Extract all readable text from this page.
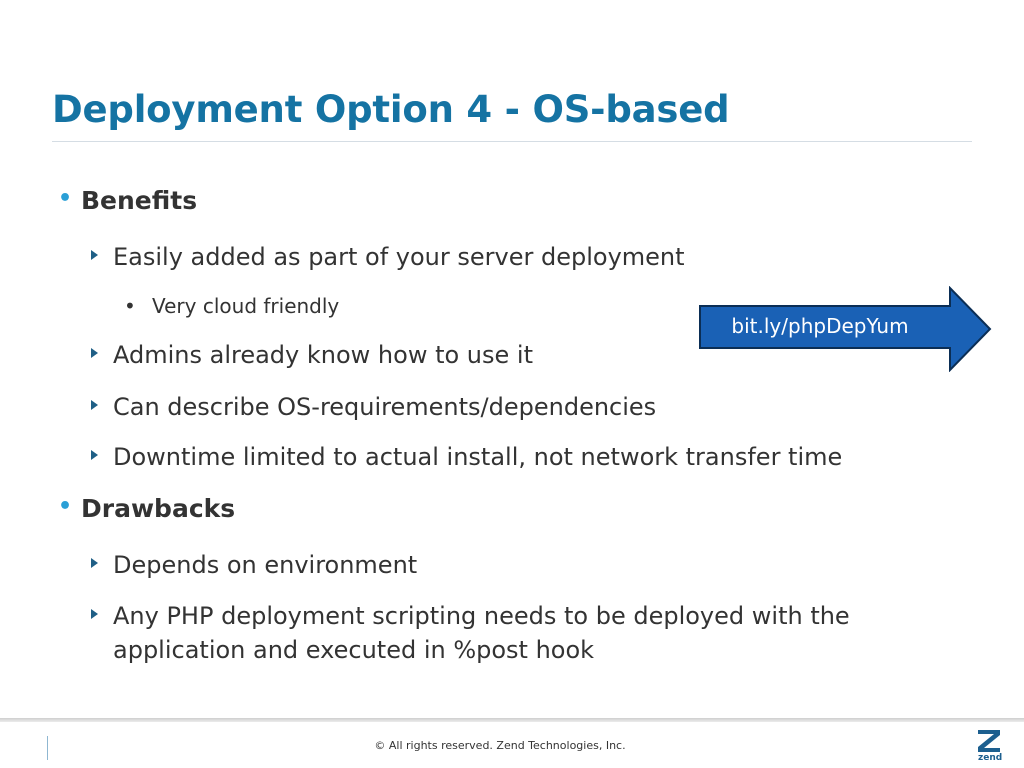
Deployment Option 4 - OS-based
• Benefits
Easily added as part of your server deployment
• Very cloud friendly
Admins already know how to use it
Can describe OS-requirements/dependencies
Downtime limited to actual install, not network transfer time
• Drawbacks
Depends on environment
Any PHP deployment scripting needs to be deployed with the
application and executed in %post hook
bit.ly/phpDepYum
© All rights reserved. Zend Technologies, Inc.
zend
